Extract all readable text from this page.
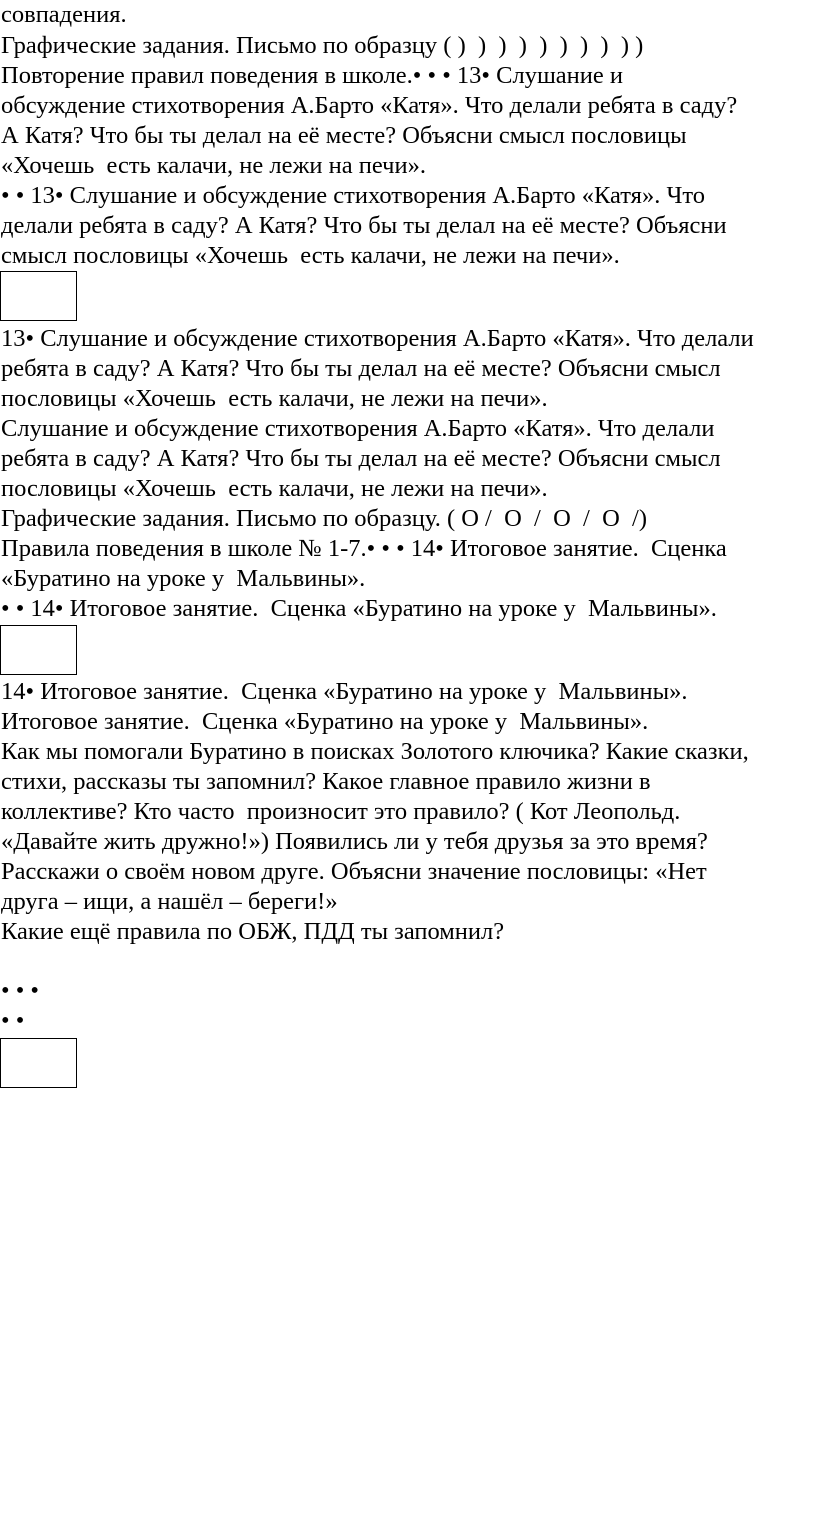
совпадения.
Графические задания. Письмо по образцу ( )  )  )  )  )  )  )  )  ) )
Повторение правил поведения в школе.• • • 13• Слушание и
обсуждение стихотворения А.Барто «Катя». Что делали ребята в саду?
А Катя? Что бы ты делал на её месте? Объясни смысл пословицы
«Хочешь  есть калачи, не лежи на печи».
• • 13• Слушание и обсуждение стихотворения А.Барто «Катя». Что
делали ребята в саду? А Катя? Что бы ты делал на её месте? Объясни
смысл пословицы «Хочешь  есть калачи, не лежи на печи».
13• Слушание и обсуждение стихотворения А.Барто «Катя». Что делали
ребята в саду? А Катя? Что бы ты делал на её месте? Объясни смысл
пословицы «Хочешь  есть калачи, не лежи на печи».
Слушание и обсуждение стихотворения А.Барто «Катя». Что делали
ребята в саду? А Катя? Что бы ты делал на её месте? Объясни смысл
пословицы «Хочешь  есть калачи, не лежи на печи».
Графические задания. Письмо по образцу. ( О /  О  /  О  /  О  /)
Правила поведения в школе № 1-7.• • • 14• Итоговое занятие.  Сценка
«Буратино на уроке у  Мальвины».
• • 14• Итоговое занятие.  Сценка «Буратино на уроке у  Мальвины».
14• Итоговое занятие.  Сценка «Буратино на уроке у  Мальвины».
Итоговое занятие.  Сценка «Буратино на уроке у  Мальвины».
Как мы помогали Буратино в поисках Золотого ключика? Какие сказки,
стихи, рассказы ты запомнил? Какое главное правило жизни в
коллективе? Кто часто  произносит это правило? ( Кот Леопольд.
«Давайте жить дружно!») Появились ли у тебя друзья за это время?
Расскажи о своём новом друге. Объясни значение пословицы: «Нет
друга – ищи, а нашёл – береги!»
Какие ещё правила по ОБЖ, ПДД ты запомнил?
• • •
• •
